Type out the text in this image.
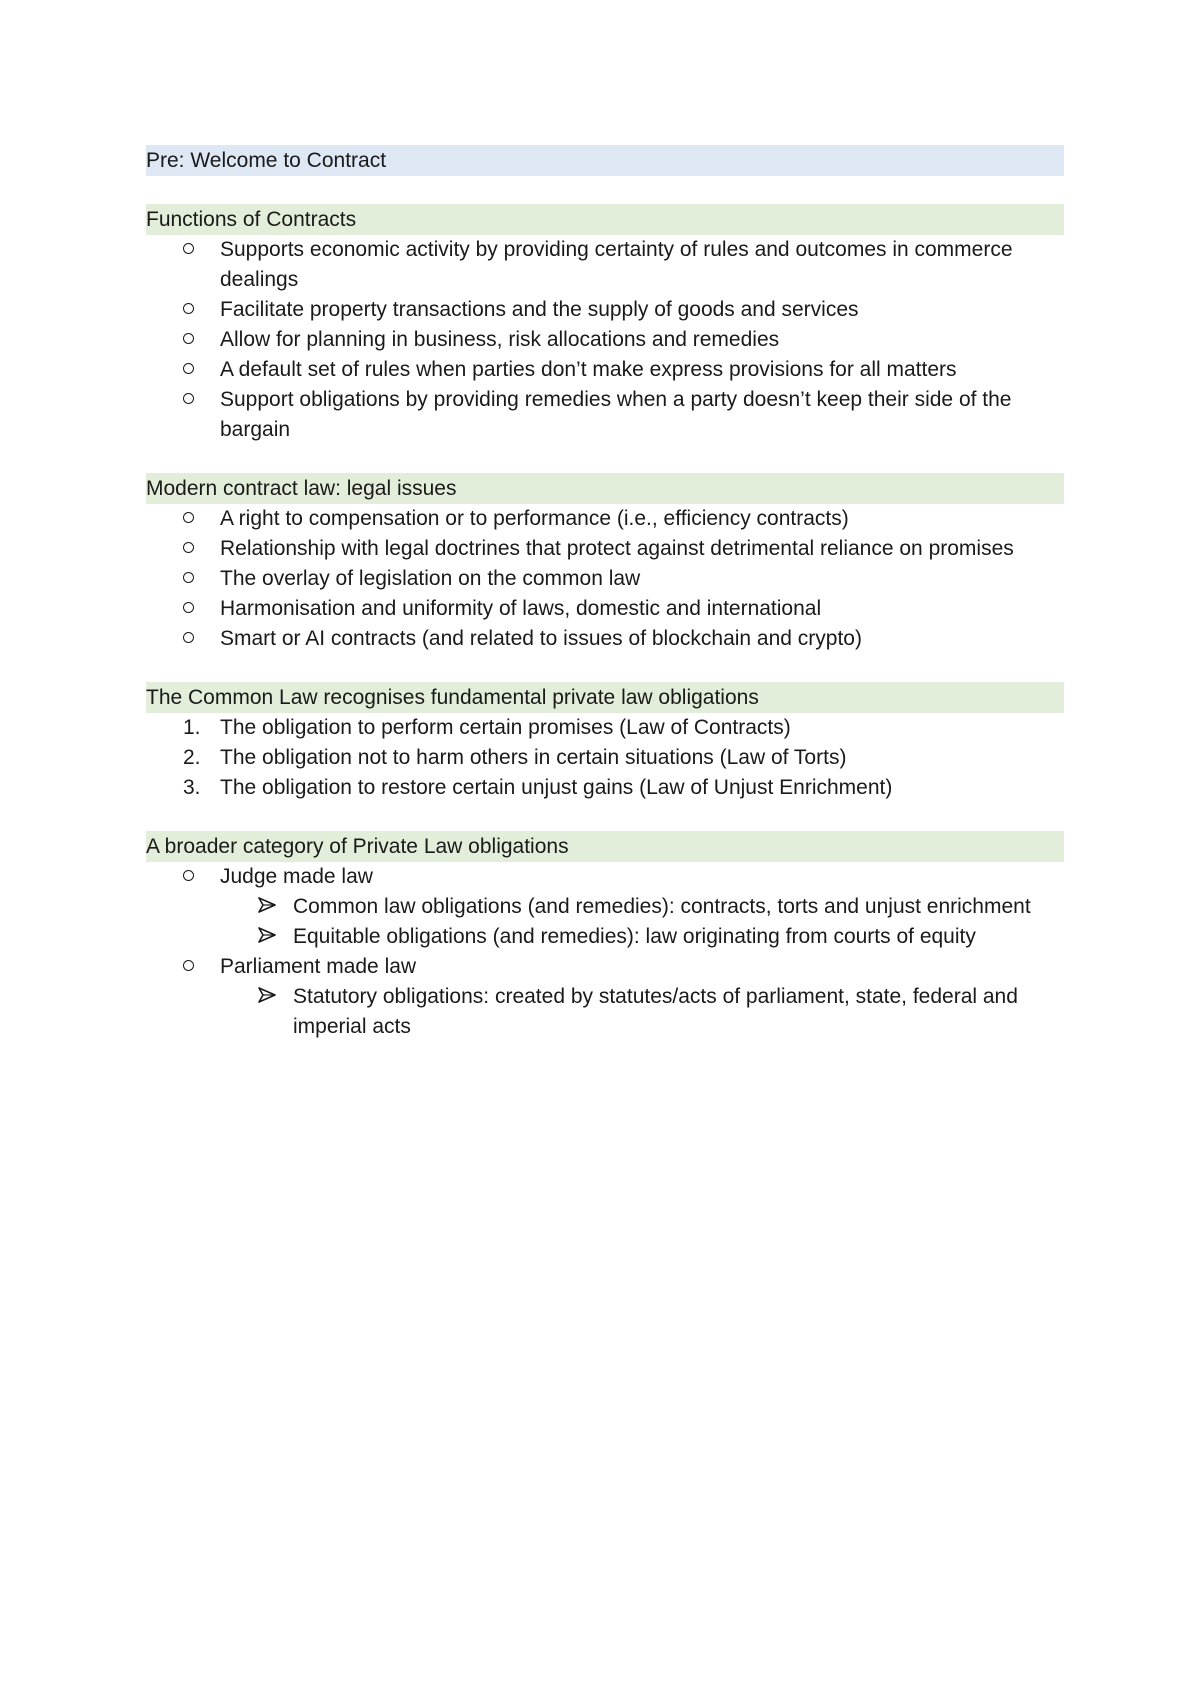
Pre: Welcome to Contract
Functions of Contracts
Supports economic activity by providing certainty of rules and outcomes in commerce dealings
Facilitate property transactions and the supply of goods and services
Allow for planning in business, risk allocations and remedies
A default set of rules when parties don’t make express provisions for all matters
Support obligations by providing remedies when a party doesn’t keep their side of the bargain
Modern contract law: legal issues
A right to compensation or to performance (i.e., efficiency contracts)
Relationship with legal doctrines that protect against detrimental reliance on promises
The overlay of legislation on the common law
Harmonisation and uniformity of laws, domestic and international
Smart or AI contracts (and related to issues of blockchain and crypto)
The Common Law recognises fundamental private law obligations
1. The obligation to perform certain promises (Law of Contracts)
2. The obligation not to harm others in certain situations (Law of Torts)
3. The obligation to restore certain unjust gains (Law of Unjust Enrichment)
A broader category of Private Law obligations
Judge made law
Common law obligations (and remedies): contracts, torts and unjust enrichment
Equitable obligations (and remedies): law originating from courts of equity
Parliament made law
Statutory obligations: created by statutes/acts of parliament, state, federal and imperial acts
